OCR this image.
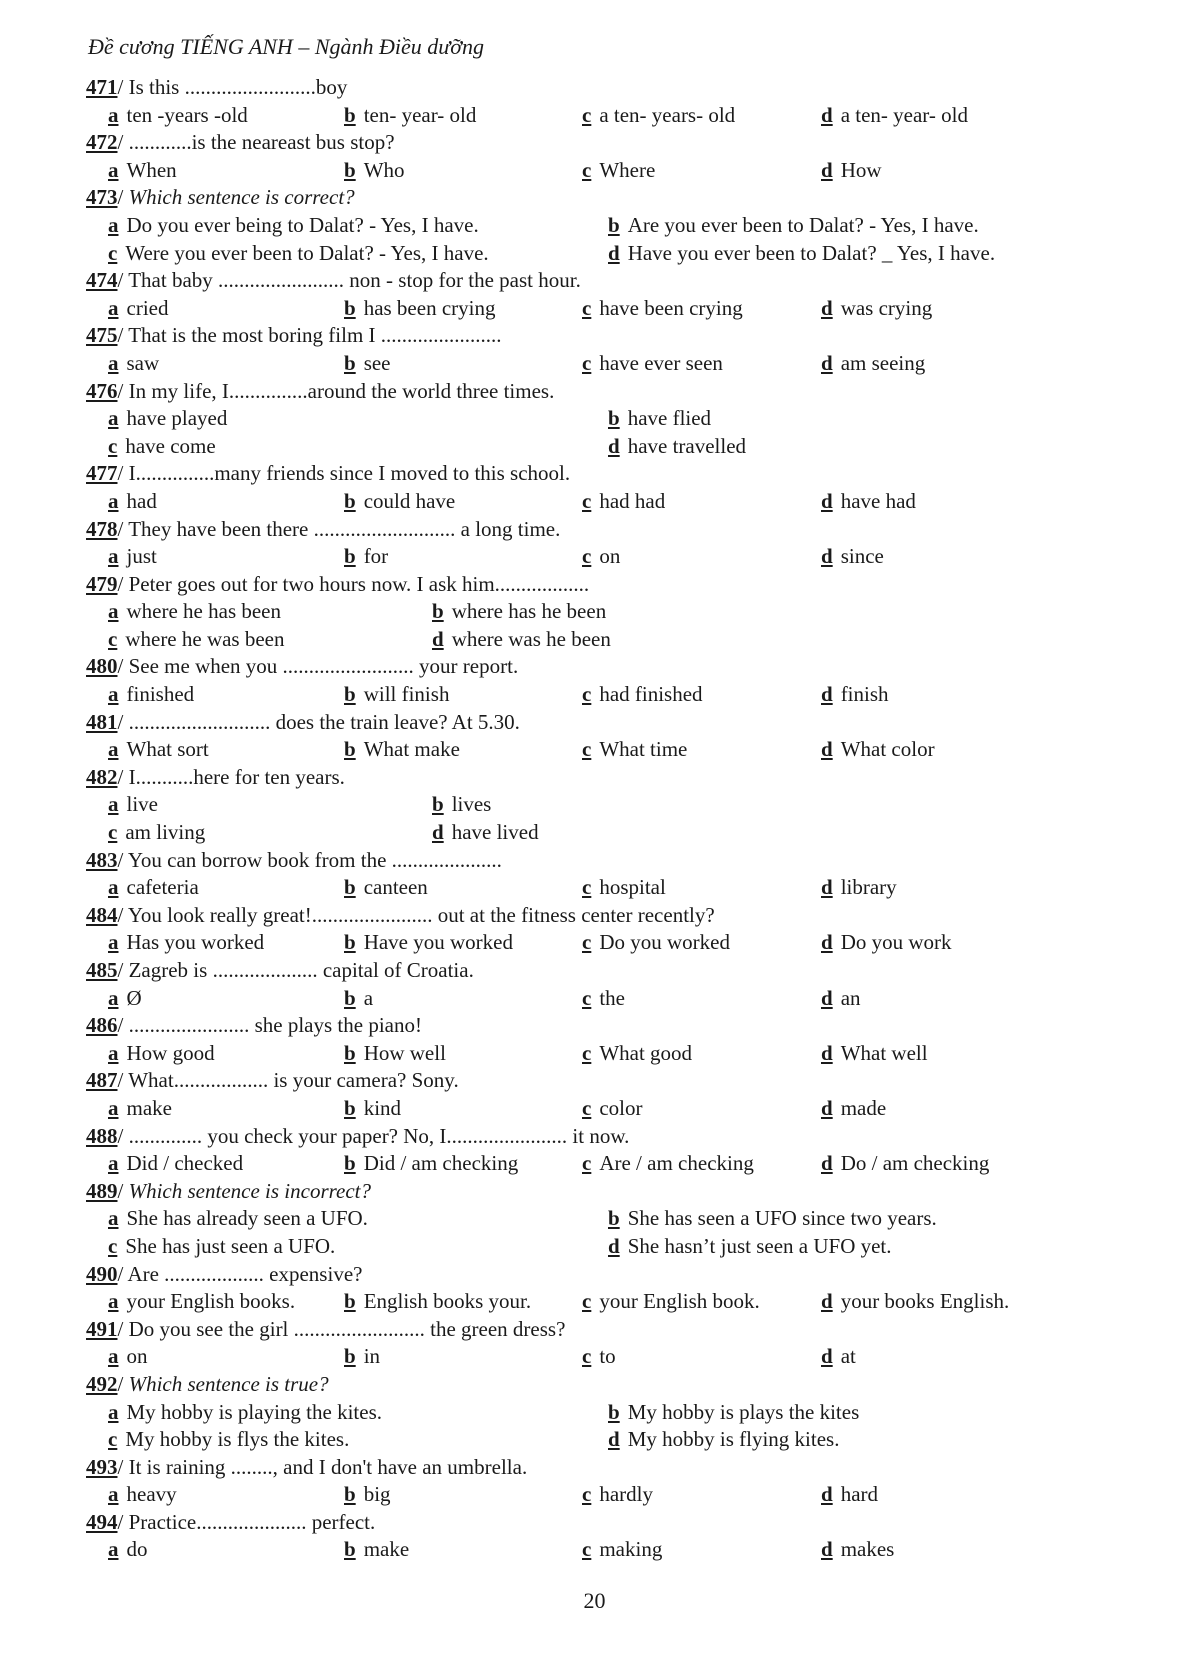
Đề cương TIẾNG ANH – Ngành Điều dưỡng
471/ Is this .........................boy
a ten -years -old	b ten- year- old	c a ten- years- old	d a ten- year- old
472/ ............is the neareast bus stop?
a When	b Who	c Where	d How
473/ Which sentence is correct?
a Do you ever being to Dalat? - Yes, I have.	b Are you ever been to Dalat? - Yes, I have.
c Were you ever been to Dalat? - Yes, I have.	d Have you ever been to Dalat? _ Yes, I have.
474/ That baby ........................ non - stop for the past hour.
a cried	b has been crying	c have been crying	d was crying
475/ That is the most boring film I .......................
a saw	b see	c have ever seen	d am seeing
476/ In my life, I...............around the world three times.
a have played	b have flied
c have come	d have travelled
477/ I...............many friends since I moved to this school.
a had	b could have	c had had	d have had
478/ They have been there ........................... a long time.
a just	b for	c on	d since
479/ Peter goes out for two hours now. I ask him..................
a where he has been	b where has he been
c where he was been	d where was he been
480/ See me when you ......................... your report.
a finished	b will finish	c had finished	d finish
481/ ........................... does the train leave? At 5.30.
a What sort	b What make	c What time	d What color
482/ I...........here for ten years.
a live	b lives
c am living	d have lived
483/ You can borrow book from the .....................
a cafeteria	b canteen	c hospital	d library
484/ You look really great!....................... out at the fitness center recently?
a Has you worked	b Have you worked	c Do you worked	d Do you work
485/ Zagreb is .................... capital of Croatia.
a Ø	b a	c the	d an
486/ ....................... she plays the piano!
a How good	b How well	c What good	d What well
487/ What.................. is your camera? Sony.
a make	b kind	c color	d made
488/ .............. you check your paper? No, I....................... it now.
a Did / checked	b Did / am checking	c Are / am checking	d Do / am checking
489/ Which sentence is incorrect?
a She has already seen a UFO.	b She has seen a UFO since two years.
c She has just seen a UFO.	d She hasn’t just seen a UFO yet.
490/ Are ................... expensive?
a your English books. b English books your. c your English book.	d your books English.
491/ Do you see the girl ......................... the green dress?
a on	b in	c to	d at
492/ Which sentence is true?
a My hobby is playing the kites.	b My hobby is plays the kites
c My hobby is flys the kites.	d My hobby is flying kites.
493/ It is raining ........, and I don't have an umbrella.
a heavy	b big	c hardly	d hard
494/ Practice..................... perfect.
a do	b make	c making	d makes
20
